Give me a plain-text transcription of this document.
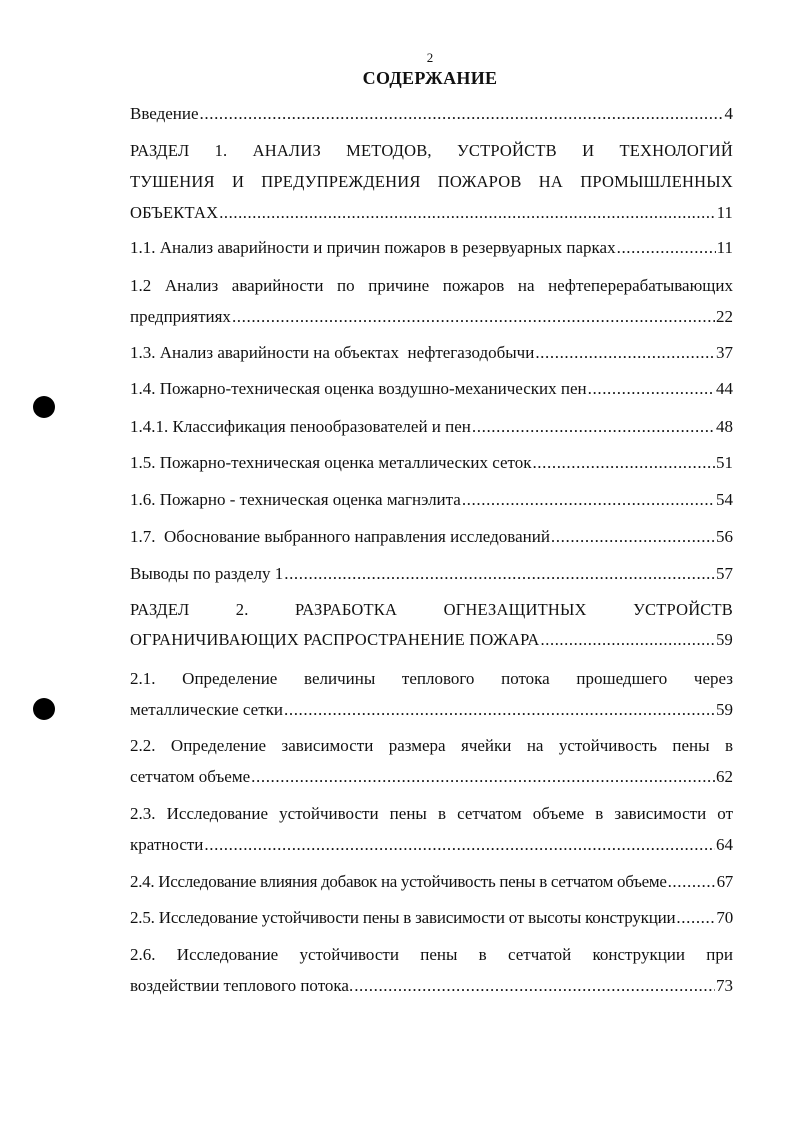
2
СОДЕРЖАНИЕ
Введение .....	4
РАЗДЕЛ 1. АНАЛИЗ МЕТОДОВ, УСТРОЙСТВ И ТЕХНОЛОГИЙ
ТУШЕНИЯ И ПРЕДУПРЕЖДЕНИЯ ПОЖАРОВ НА ПРОМЫШЛЕННЫХ
ОБЪЕКТАХ .....	11
1.1. Анализ аварийности и причин пожаров в резервуарных парках .....	11
1.2 Анализ аварийности по причине пожаров на нефтеперерабатывающих
предприятиях .....	22
1.3. Анализ аварийности на объектах  нефтегазодобычи .....	37
1.4. Пожарно-техническая оценка воздушно-механических пен .....	44
1.4.1. Классификация пенообразователей и пен .....	48
1.5. Пожарно-техническая оценка металлических сеток .....	51
1.6. Пожарно - техническая оценка магнэлита .....	54
1.7.  Обоснование выбранного направления исследований .....	56
Выводы по разделу 1 .....	57
РАЗДЕЛ 2. РАЗРАБОТКА ОГНЕЗАЩИТНЫХ УСТРОЙСТВ
ОГРАНИЧИВАЮЩИХ РАСПРОСТРАНЕНИЕ ПОЖАРА .....	59
2.1. Определение величины теплового потока прошедшего через
металлические сетки .....	59
2.2. Определение зависимости размера ячейки на устойчивость пены в
сетчатом объеме .....	62
2.3. Исследование устойчивости пены в сетчатом объеме в зависимости от
кратности .....	64
2.4. Исследование влияния добавок на устойчивость пены в сетчатом объеме .....	67
2.5. Исследование устойчивости пены в зависимости от высоты конструкции ..... 70
2.6. Исследование устойчивости пены в сетчатой конструкции при
воздействии теплового потока. .....	73
